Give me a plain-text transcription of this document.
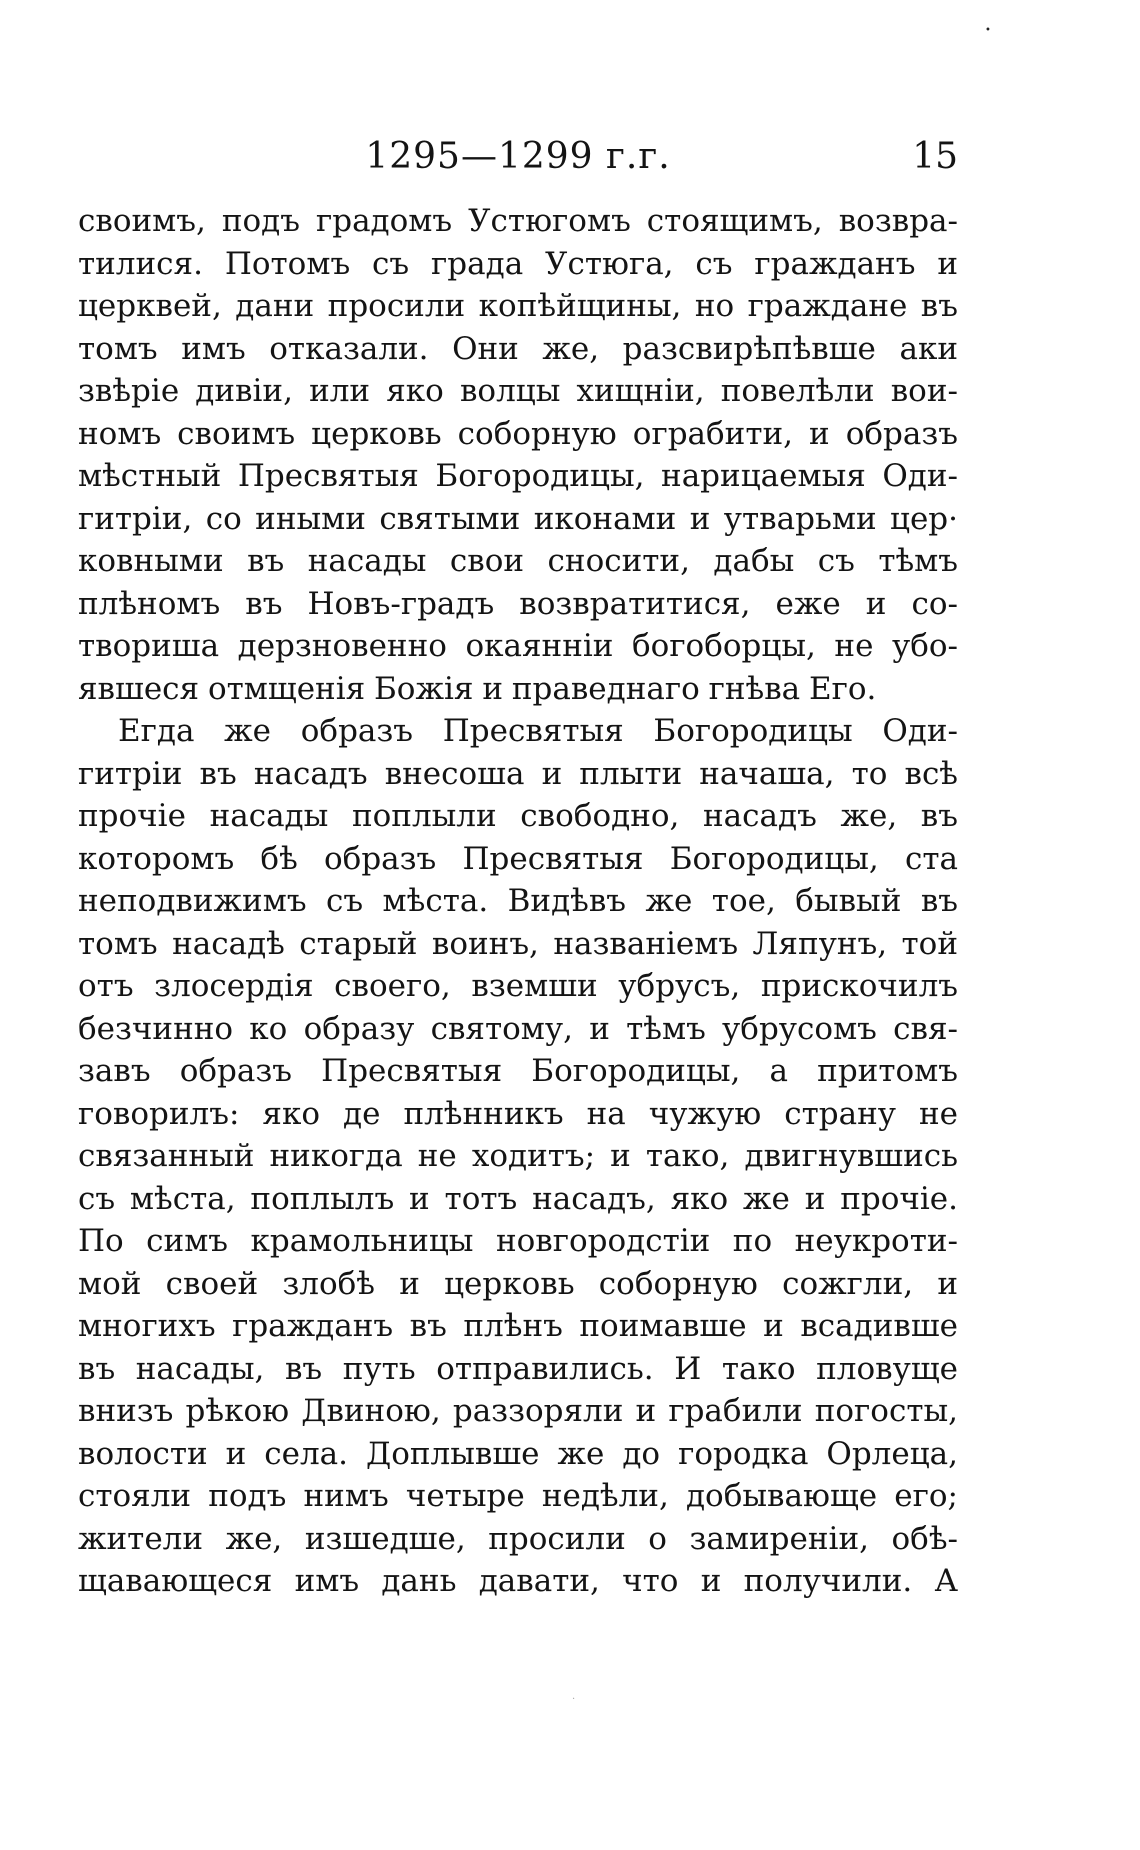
•
1295—1299 г.г.	15
своимъ, подъ градомъ Устюгомъ стоящимъ, возвра-
тилися. Потомъ съ града Устюга, съ гражданъ и
церквей, дани просили копѣйщины, но граждане въ
томъ имъ отказали. Они же, разсвирѣпѣвше аки
звѣріе дивіи, или яко волцы хищніи, повелѣли вои-
номъ своимъ церковь соборную ограбити, и образъ
мѣстный Пресвятыя Богородицы, нарицаемыя Оди-
гитріи, со иными святыми иконами и утварьми цер·
ковными въ насады свои сносити, дабы съ тѣмъ
плѣномъ въ Новъ-градъ возвратитися, еже и со-
твориша дерзновенно окаянніи богоборцы, не убо-
явшеся отмщенія Божія и праведнаго гнѣва Его.
Егда же образъ Пресвятыя Богородицы Оди-
гитріи въ насадъ внесоша и плыти начаша, то всѣ
прочіе насады поплыли свободно, насадъ же, въ
которомъ бѣ образъ Пресвятыя Богородицы, ста
неподвижимъ съ мѣста. Видѣвъ же тое, бывый въ
томъ насадѣ старый воинъ, названіемъ Ляпунъ, той
отъ злосердія своего, вземши убрусъ, прискочилъ
безчинно ко образу святому, и тѣмъ убрусомъ свя-
завъ образъ Пресвятыя Богородицы, а притомъ
говорилъ: яко де плѣнникъ на чужую страну не
связанный никогда не ходитъ; и тако, двигнувшись
съ мѣста, поплылъ и тотъ насадъ, яко же и прочіе.
По симъ крамольницы новгородстіи по неукроти-
мой своей злобѣ и церковь соборную сожгли, и
многихъ гражданъ въ плѣнъ поимавше и всадивше
въ насады, въ путь отправились. И тако пловуще
внизъ рѣкою Двиною, раззоряли и грабили погосты,
волости и села. Доплывше же до городка Орлеца,
стояли подъ нимъ четыре недѣли, добывающе его;
жители же, изшедше, просили о замиреніи, обѣ-
щавающеся имъ дань давати, что и получили. А
·
